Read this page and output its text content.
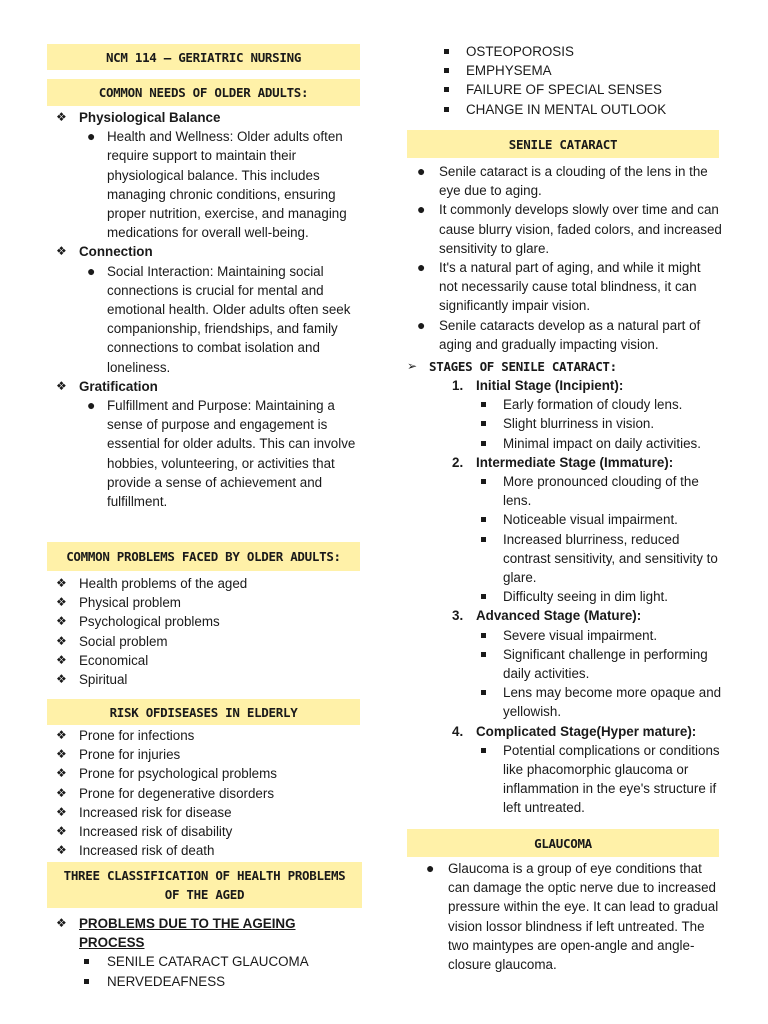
NCM 114 – GERIATRIC NURSING
COMMON NEEDS OF OLDER ADULTS:
❖ Physiological Balance
● Health and Wellness: Older adults often require support to maintain their physiological balance. This includes managing chronic conditions, ensuring proper nutrition, exercise, and managing medications for overall well-being.
❖ Connection
● Social Interaction: Maintaining social connections is crucial for mental and emotional health. Older adults often seek companionship, friendships, and family connections to combat isolation and loneliness.
❖ Gratification
● Fulfillment and Purpose: Maintaining a sense of purpose and engagement is essential for older adults. This can involve hobbies, volunteering, or activities that provide a sense of achievement and fulfillment.
COMMON PROBLEMS FACED BY OLDER ADULTS:
❖ Health problems of the aged
❖ Physical problem
❖ Psychological problems
❖ Social problem
❖ Economical
❖ Spiritual
RISK OFDISEASES IN ELDERLY
❖ Prone for infections
❖ Prone for injuries
❖ Prone for psychological problems
❖ Prone for degenerative disorders
❖ Increased risk for disease
❖ Increased risk of disability
❖ Increased risk of death
THREE CLASSIFICATION OF HEALTH PROBLEMS OF THE AGED
❖ PROBLEMS DUE TO THE AGEING PROCESS
SENILE CATARACT GLAUCOMA
NERVEDEAFNESS
OSTEOPOROSIS
EMPHYSEMA
FAILURE OF SPECIAL SENSES
CHANGE IN MENTAL OUTLOOK
SENILE CATARACT
● Senile cataract is a clouding of the lens in the eye due to aging.
● It commonly develops slowly over time and can cause blurry vision, faded colors, and increased sensitivity to glare.
● It's a natural part of aging, and while it might not necessarily cause total blindness, it can significantly impair vision.
● Senile cataracts develop as a natural part of aging and gradually impacting vision.
➢ STAGES OF SENILE CATARACT:
1. Initial Stage (Incipient):
Early formation of cloudy lens.
Slight blurriness in vision.
Minimal impact on daily activities.
2. Intermediate Stage (Immature):
More pronounced clouding of the lens.
Noticeable visual impairment.
Increased blurriness, reduced contrast sensitivity, and sensitivity to glare.
Difficulty seeing in dim light.
3. Advanced Stage (Mature):
Severe visual impairment.
Significant challenge in performing daily activities.
Lens may become more opaque and yellowish.
4. Complicated Stage(Hyper mature):
Potential complications or conditions like phacomorphic glaucoma or inflammation in the eye's structure if left untreated.
GLAUCOMA
● Glaucoma is a group of eye conditions that can damage the optic nerve due to increased pressure within the eye. It can lead to gradual vision lossor blindness if left untreated. The two maintypes are open-angle and angle-closure glaucoma.
